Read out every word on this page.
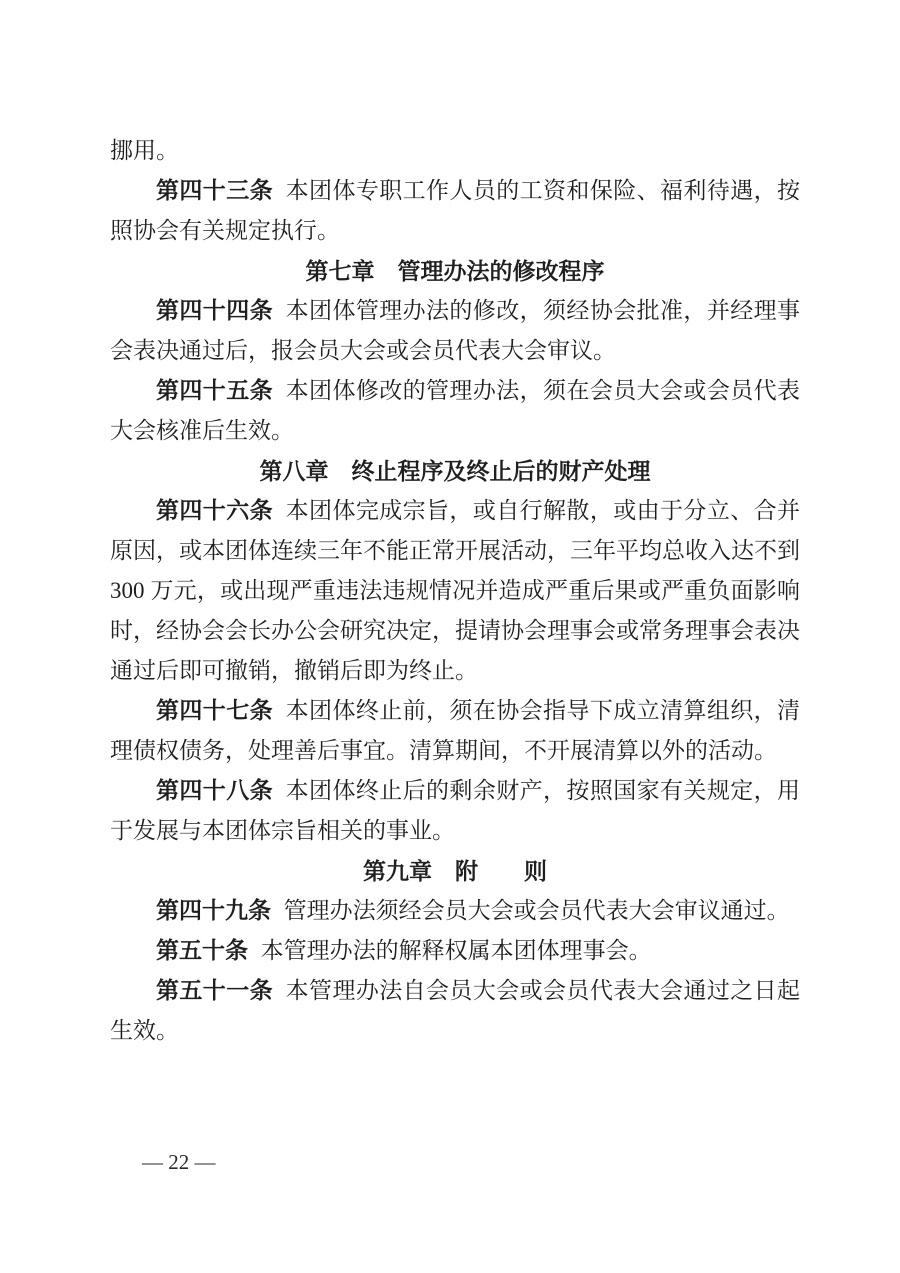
挪用。

第四十三条 本团体专职工作人员的工资和保险、福利待遇，按照协会有关规定执行。

第七章　管理办法的修改程序

第四十四条 本团体管理办法的修改，须经协会批准，并经理事会表决通过后，报会员大会或会员代表大会审议。

第四十五条 本团体修改的管理办法，须在会员大会或会员代表大会核准后生效。

第八章　终止程序及终止后的财产处理

第四十六条 本团体完成宗旨，或自行解散，或由于分立、合并原因，或本团体连续三年不能正常开展活动，三年平均总收入达不到300 万元，或出现严重违法违规情况并造成严重后果或严重负面影响时，经协会会长办公会研究决定，提请协会理事会或常务理事会表决通过后即可撤销，撤销后即为终止。

第四十七条 本团体终止前，须在协会指导下成立清算组织，清理债权债务，处理善后事宜。清算期间，不开展清算以外的活动。

第四十八条 本团体终止后的剩余财产，按照国家有关规定，用于发展与本团体宗旨相关的事业。

第九章　附　　则

第四十九条 管理办法须经会员大会或会员代表大会审议通过。

第五十条 本管理办法的解释权属本团体理事会。

第五十一条 本管理办法自会员大会或会员代表大会通过之日起生效。

— 22 —
